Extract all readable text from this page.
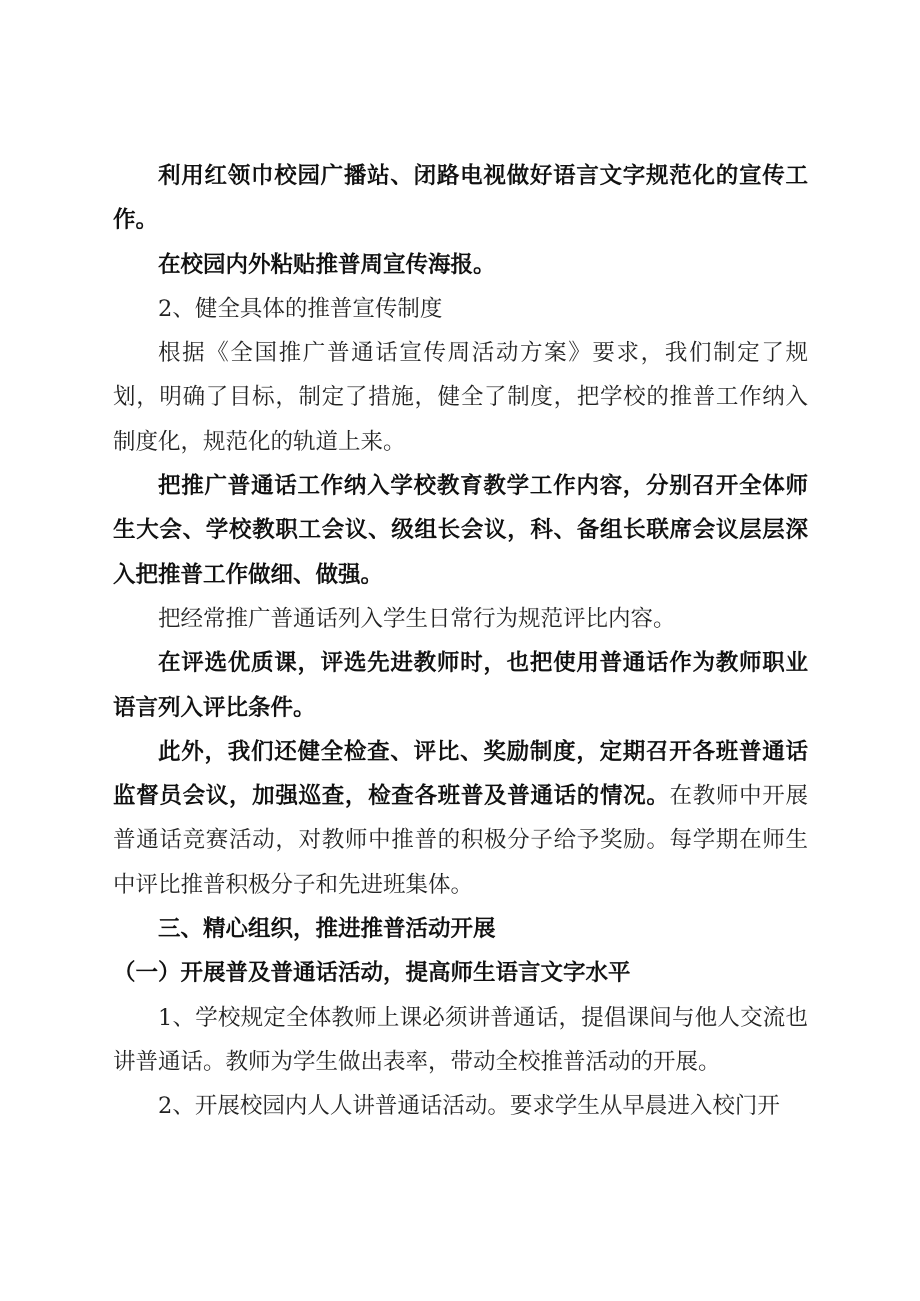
利用红领巾校园广播站、闭路电视做好语言文字规范化的宣传工作。

在校园内外粘贴推普周宣传海报。

2、健全具体的推普宣传制度

根据《全国推广普通话宣传周活动方案》要求，我们制定了规划，明确了目标，制定了措施，健全了制度，把学校的推普工作纳入制度化，规范化的轨道上来。

把推广普通话工作纳入学校教育教学工作内容，分别召开全体师生大会、学校教职工会议、级组长会议，科、备组长联席会议层层深入把推普工作做细、做强。

把经常推广普通话列入学生日常行为规范评比内容。

在评选优质课，评选先进教师时，也把使用普通话作为教师职业语言列入评比条件。

此外，我们还健全检查、评比、奖励制度，定期召开各班普通话监督员会议，加强巡查，检查各班普及普通话的情况。在教师中开展普通话竞赛活动，对教师中推普的积极分子给予奖励。每学期在师生中评比推普积极分子和先进班集体。

三、精心组织，推进推普活动开展

（一）开展普及普通话活动，提高师生语言文字水平

1、学校规定全体教师上课必须讲普通话，提倡课间与他人交流也讲普通话。教师为学生做出表率，带动全校推普活动的开展。

2、开展校园内人人讲普通话活动。要求学生从早晨进入校门开
